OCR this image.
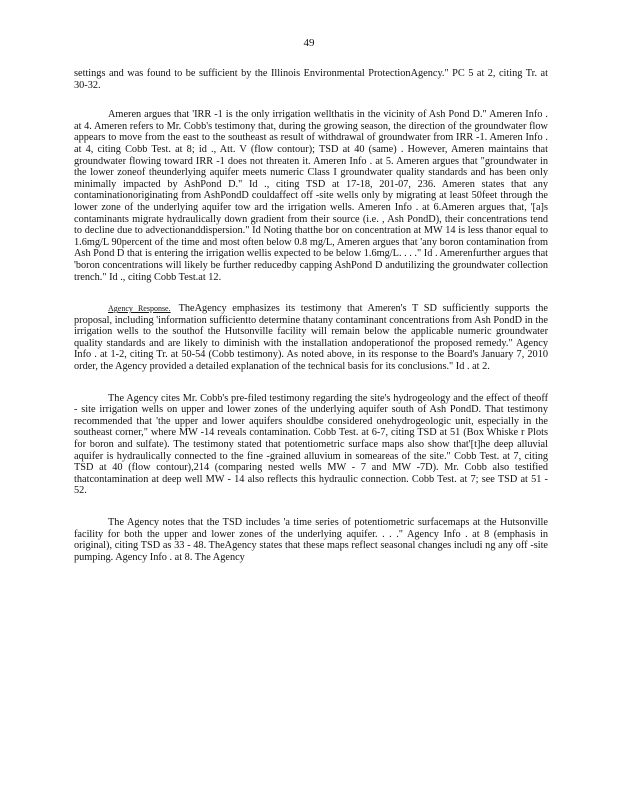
49

settings and was found to be sufficient by the Illinois Environmental ProtectionAgency." PC 5 at 2, citing Tr. at 30-32.

Ameren argues that 'IRR -1 is the only irrigation wellthatis in the vicinity of Ash Pond D." Ameren Info . at 4. Ameren refers to Mr. Cobb's testimony that, during the growing season, the direction of the groundwater flow appears to move from the east to the southeast as result of withdrawal of groundwater from IRR -1. Ameren Info . at 4, citing Cobb Test. at 8; id ., Att. V (flow contour); TSD at 40 (same) . However, Ameren maintains that groundwater flowing toward IRR -1 does not threaten it. Ameren Info . at 5. Ameren argues that "groundwater in the lower zoneof theunderlying aquifer meets numeric Class I groundwater quality standards and has been only minimally impacted by AshPond D." Id ., citing TSD at 17-18, 201-07, 236. Ameren states that any contaminationoriginating from AshPondD couldaffect off -site wells only by migrating at least 50feet through the lower zone of the underlying aquifer tow ard the irrigation wells. Ameren Info . at 6.Ameren argues that, '[a]s contaminants migrate hydraulically down gradient from their source (i.e. , Ash PondD), their concentrations tend to decline due to advectionanddispersion." Id Noting thatthe bor on concentration at MW 14 is less thanor equal to 1.6mg/L 90percent of the time and most often below 0.8 mg/L, Ameren argues that 'any boron contamination from Ash Pond D that is entering the irrigation wellis expected to be below 1.6mg/L. . . ." Id . Amerenfurther argues that 'boron concentrations will likely be further reducedby capping AshPond D andutilizing the groundwater collection trench." Id ., citing Cobb Test.at 12.

Agency Response. TheAgency emphasizes its testimony that Ameren's T SD sufficiently supports the proposal, including 'information sufficientto determine thatany contaminant concentrations from Ash PondD in the irrigation wells to the southof the Hutsonville facility will remain below the applicable numeric groundwater quality standards and are likely to diminish with the installation andoperationof the proposed remedy." Agency Info . at 1-2, citing Tr. at 50-54 (Cobb testimony). As noted above, in its response to the Board's January 7, 2010 order, the Agency provided a detailed explanation of the technical basis for its conclusions." Id . at 2.

The Agency cites Mr. Cobb's pre-filed testimony regarding the site's hydrogeology and the effect of theoff - site irrigation wells on upper and lower zones of the underlying aquifer south of Ash PondD. That testimony recommended that 'the upper and lower aquifers shouldbe considered onehydrogeologic unit, especially in the southeast corner," where MW -14 reveals contamination. Cobb Test. at 6-7, citing TSD at 51 (Box Whiske r Plots for boron and sulfate). The testimony stated that potentiometric surface maps also show that'[t]he deep alluvial aquifer is hydraulically connected to the fine -grained alluvium in someareas of the site." Cobb Test. at 7, citing TSD at 40 (flow contour),214 (comparing nested wells MW - 7 and MW -7D). Mr. Cobb also testified thatcontamination at deep well MW - 14 also reflects this hydraulic connection. Cobb Test. at 7; see TSD at 51 - 52.

The Agency notes that the TSD includes 'a time series of potentiometric surfacemaps at the Hutsonville facility for both the upper and lower zones of the underlying aquifer. . . ." Agency Info . at 8 (emphasis in original), citing TSD as 33 - 48. TheAgency states that these maps reflect seasonal changes includi ng any off -site pumping. Agency Info . at 8. The Agency
